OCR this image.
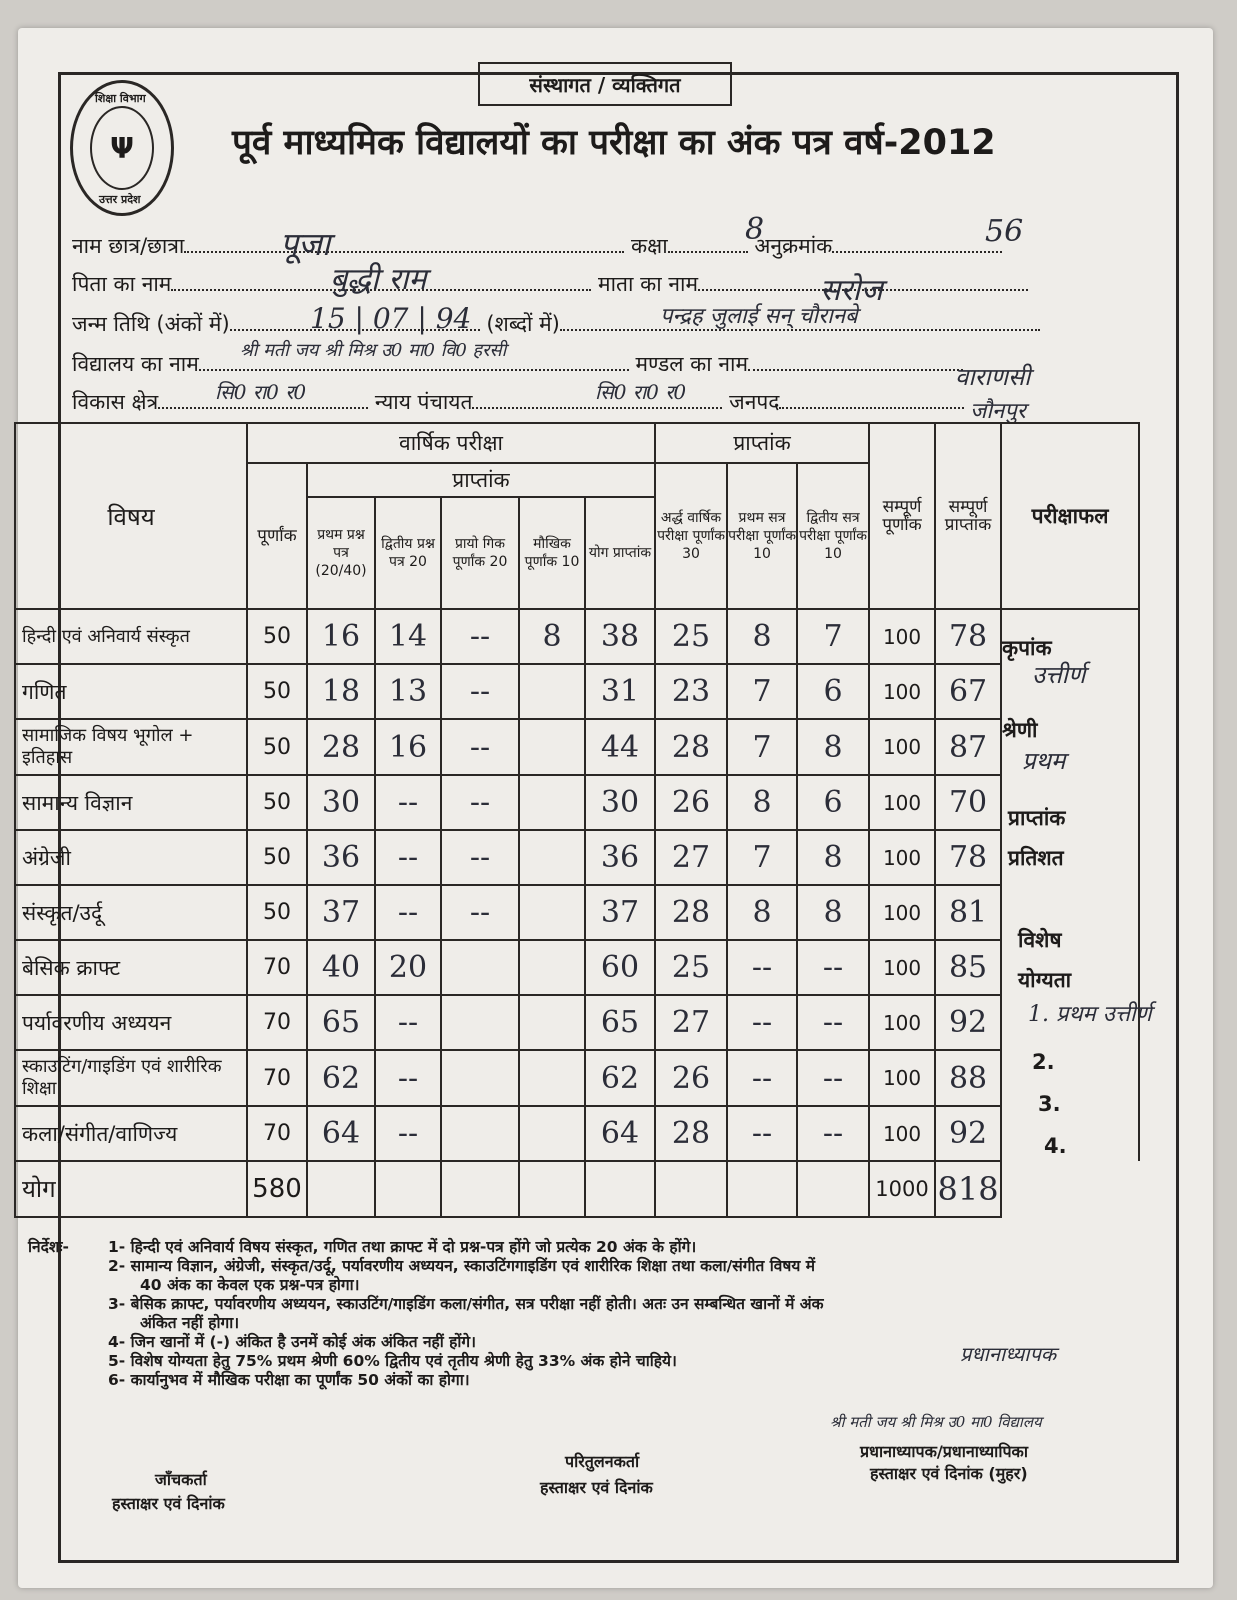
Ψ
शिक्षा विभाग
उत्तर प्रदेश
संस्थागत / व्यक्तिगत
पूर्व माध्यमिक विद्यालयों का परीक्षा का अंक पत्र वर्ष-2012
नाम छात्र/छात्रा	कक्षा	अनुक्रमांक
पूजा	8	56
पिता का नाम	माता का नाम
बुद्धी राम	सरोज
जन्म तिथि (अंकों में)	(शब्दों में)
15 | 07 | 94	पन्द्रह जुलाई सन् चौरानबे
विद्यालय का नाम	मण्डल का नाम
श्री मती जय श्री मिश्र उ0 मा0 वि0 हरसी
वाराणसी
विकास क्षेत्र	न्याय पंचायत	जनपद
सि0 रा0 र0	सि0 रा0 र0
जौनपुर
विषय	वार्षिक परीक्षा						प्राप्तांक			सम्पूर्ण पूर्णांक	सम्पूर्ण प्राप्तांक	परीक्षाफल
	पूर्णांक	प्राप्तांक					अर्द्ध वार्षिक परीक्षा पूर्णांक 30	प्रथम सत्र परीक्षा पूर्णांक 10	द्वितीय सत्र परीक्षा पूर्णांक 10			
		प्रथम प्रश्न पत्र (20/40)	द्वितीय प्रश्न पत्र 20	प्रायो गिक पूर्णांक 20	मौखिक पूर्णांक 10	योग प्राप्तांक						
हिन्दी एवं अनिवार्य संस्कृत	50	16	14	--	8	38	25	8	7	100	78	
गणित	50	18	13	--		31	23	7	6	100	67	
सामाजिक विषय भूगोल + इतिहास	50	28	16	--		44	28	7	8	100	87	
सामान्य विज्ञान	50	30	--	--		30	26	8	6	100	70	
अंग्रेजी	50	36	--	--		36	27	7	8	100	78	
संस्कृत/उर्दू	50	37	--	--		37	28	8	8	100	81	
बेसिक क्राफ्ट	70	40	20			60	25	--	--	100	85	
पर्यावरणीय अध्ययन	70	65	--			65	27	--	--	100	92	
स्काउटिंग/गाइडिंग एवं शारीरिक शिक्षा	70	62	--			62	26	--	--	100	88	
कला/संगीत/वाणिज्य	70	64	--			64	28	--	--	100	92	
योग	580									1000	818	
कृपांक
उत्तीर्ण
श्रेणी
प्रथम
प्राप्तांक प्रतिशत
विशेष योग्यता
1. प्रथम उत्तीर्ण
2.
3.
4.
निर्देशः-	1- हिन्दी एवं अनिवार्य विषय संस्कृत, गणित तथा क्राफ्ट में दो प्रश्न-पत्र होंगे जो प्रत्येक 20 अंक के होंगे।
2- सामान्य विज्ञान, अंग्रेजी, संस्कृत/उर्दू, पर्यावरणीय अध्ययन, स्काउटिंगगाइडिंग एवं शारीरिक शिक्षा तथा कला/संगीत विषय में
40 अंक का केवल एक प्रश्न-पत्र होगा।
3- बेसिक क्राफ्ट, पर्यावरणीय अध्ययन, स्काउटिंग/गाइडिंग कला/संगीत, सत्र परीक्षा नहीं होती। अतः उन सम्बन्धित खानों में अंक
अंकित नहीं होगा।
4- जिन खानों में (-) अंकित है उनमें कोई अंक अंकित नहीं होंगे।
5- विशेष योग्यता हेतु 75% प्रथम श्रेणी 60% द्वितीय एवं तृतीय श्रेणी हेतु 33% अंक होने चाहिये।
6- कार्यानुभव में मौखिक परीक्षा का पूर्णांक 50 अंकों का होगा।
प्रधानाध्यापक
श्री मती जय श्री मिश्र उ0 मा0 विद्यालय
प्रधानाध्यापक/प्रधानाध्यापिका
हस्ताक्षर एवं दिनांक (मुहर)
परितुलनकर्ता
हस्ताक्षर एवं दिनांक
जाँचकर्ता
हस्ताक्षर एवं दिनांक
